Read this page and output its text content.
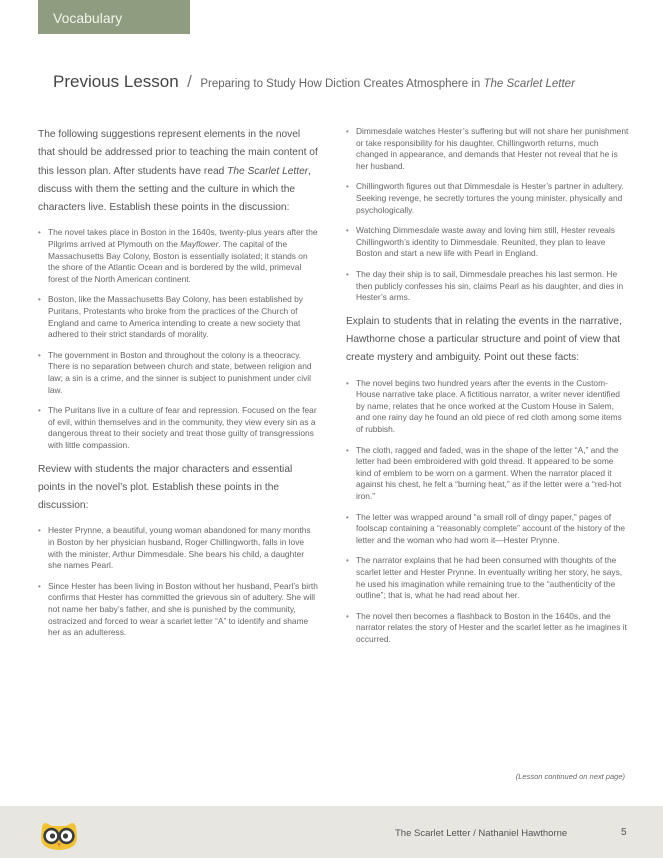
Vocabulary
Previous Lesson / Preparing to Study How Diction Creates Atmosphere in The Scarlet Letter

The following suggestions represent elements in the novel that should be addressed prior to teaching the main content of this lesson plan. After students have read The Scarlet Letter, discuss with them the setting and the culture in which the characters live. Establish these points in the discussion:

• The novel takes place in Boston in the 1640s, twenty-plus years after the Pilgrims arrived at Plymouth on the Mayflower. The capital of the Massachusetts Bay Colony, Boston is essentially isolated; it stands on the shore of the Atlantic Ocean and is bordered by the wild, primeval forest of the North American continent.
• Boston, like the Massachusetts Bay Colony, has been established by Puritans, Protestants who broke from the practices of the Church of England and came to America intending to create a new society that adhered to their strict standards of morality.
• The government in Boston and throughout the colony is a theocracy. There is no separation between church and state, between religion and law; a sin is a crime, and the sinner is subject to punishment under civil law.
• The Puritans live in a culture of fear and repression. Focused on the fear of evil, within themselves and in the community, they view every sin as a dangerous threat to their society and treat those guilty of transgressions with little compassion.

Review with students the major characters and essential points in the novel’s plot. Establish these points in the discussion:

• Hester Prynne, a beautiful, young woman abandoned for many months in Boston by her physician husband, Roger Chillingworth, falls in love with the minister, Arthur Dimmesdale. She bears his child, a daughter she names Pearl.
• Since Hester has been living in Boston without her husband, Pearl’s birth confirms that Hester has committed the grievous sin of adultery. She will not name her baby’s father, and she is punished by the community, ostracized and forced to wear a scarlet letter “A” to identify and shame her as an adulteress.
• Dimmesdale watches Hester’s suffering but will not share her punishment or take responsibility for his daughter. Chillingworth returns, much changed in appearance, and demands that Hester not reveal that he is her husband.
• Chillingworth figures out that Dimmesdale is Hester’s partner in adultery. Seeking revenge, he secretly tortures the young minister, physically and psychologically.
• Watching Dimmesdale waste away and loving him still, Hester reveals Chillingworth’s identity to Dimmesdale. Reunited, they plan to leave Boston and start a new life with Pearl in England.
• The day their ship is to sail, Dimmesdale preaches his last sermon. He then publicly confesses his sin, claims Pearl as his daughter, and dies in Hester’s arms.

Explain to students that in relating the events in the narrative, Hawthorne chose a particular structure and point of view that create mystery and ambiguity. Point out these facts:

• The novel begins two hundred years after the events in the Custom-House narrative take place. A fictitious narrator, a writer never identified by name, relates that he once worked at the Custom House in Salem, and one rainy day he found an old piece of red cloth among some items of rubbish.
• The cloth, ragged and faded, was in the shape of the letter “A,” and the letter had been embroidered with gold thread. It appeared to be some kind of emblem to be worn on a garment. When the narrator placed it against his chest, he felt a “burning heat,” as if the letter were a “red-hot iron.”
• The letter was wrapped around “a small roll of dingy paper,” pages of foolscap containing a “reasonably complete” account of the history of the letter and the woman who had worn it—Hester Prynne.
• The narrator explains that he had been consumed with thoughts of the scarlet letter and Hester Prynne. In eventually writing her story, he says, he used his imagination while remaining true to the “authenticity of the outline”; that is, what he had read about her.
• The novel then becomes a flashback to Boston in the 1640s, and the narrator relates the story of Hester and the scarlet letter as he imagines it occurred.
(Lesson continued on next page)
The Scarlet Letter / Nathaniel Hawthorne	5
